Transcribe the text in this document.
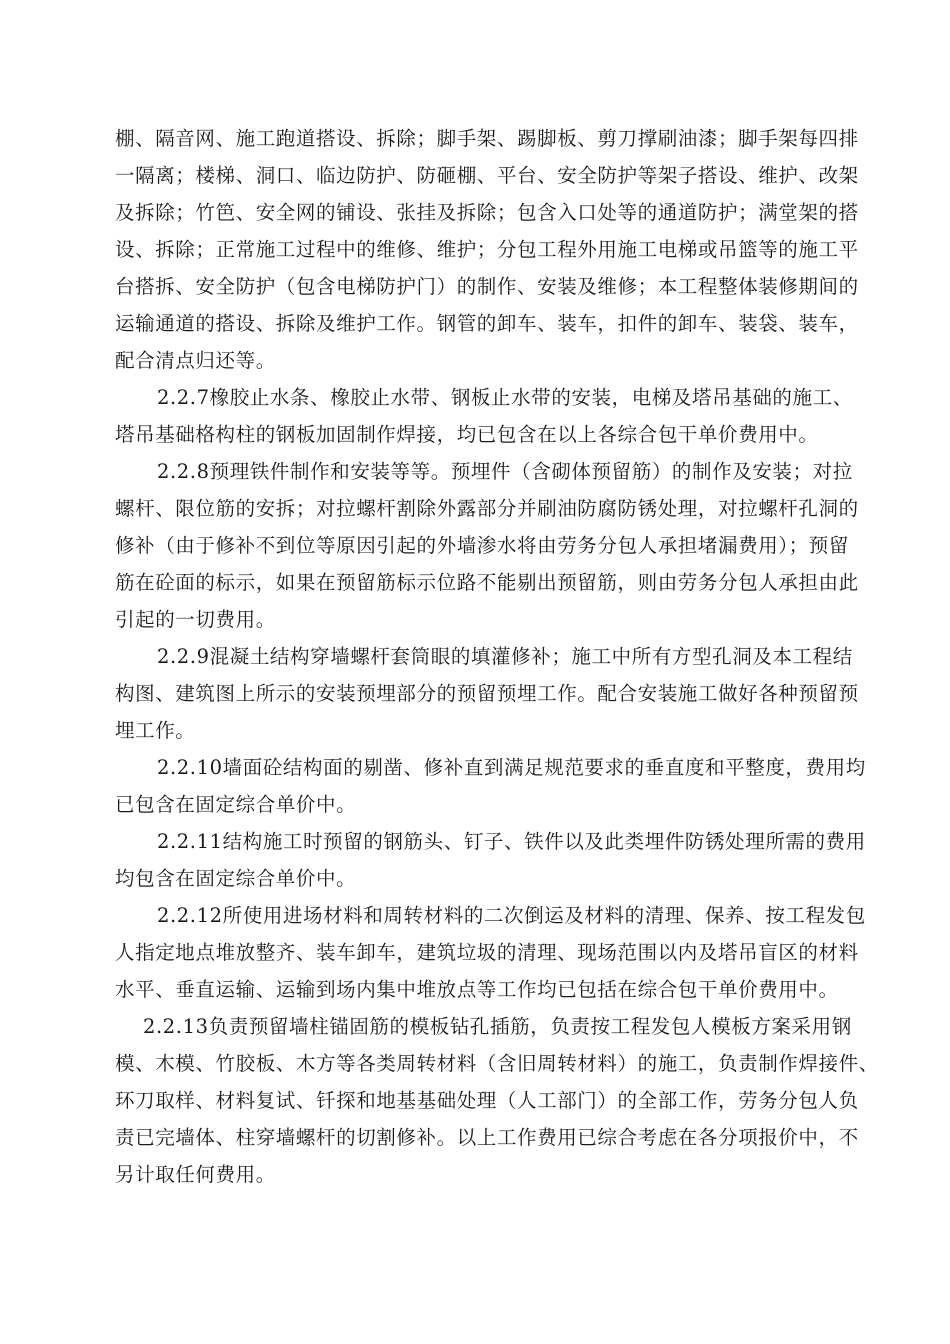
棚、隔音网、施工跑道搭设、拆除；脚手架、踢脚板、剪刀撑刷油漆；脚手架每四排
一隔离；楼梯、洞口、临边防护、防砸棚、平台、安全防护等架子搭设、维护、改架
及拆除；竹笆、安全网的铺设、张挂及拆除；包含入口处等的通道防护；满堂架的搭
设、拆除；正常施工过程中的维修、维护；分包工程外用施工电梯或吊篮等的施工平
台搭拆、安全防护（包含电梯防护门）的制作、安装及维修；本工程整体装修期间的
运输通道的搭设、拆除及维护工作。钢管的卸车、装车，扣件的卸车、装袋、装车，
配合清点归还等。
2.2.7橡胶止水条、橡胶止水带、钢板止水带的安装，电梯及塔吊基础的施工、
塔吊基础格构柱的钢板加固制作焊接，均已包含在以上各综合包干单价费用中。
2.2.8预理铁件制作和安装等等。预埋件（含砌体预留筋）的制作及安装；对拉
螺杆、限位筋的安拆；对拉螺杆割除外露部分并刷油防腐防锈处理，对拉螺杆孔洞的
修补（由于修补不到位等原因引起的外墙渗水将由劳务分包人承担堵漏费用）；预留
筋在砼面的标示，如果在预留筋标示位路不能剔出预留筋，则由劳务分包人承担由此
引起的一切费用。
2.2.9混凝土结构穿墙螺杆套筒眼的填灌修补；施工中所有方型孔洞及本工程结
构图、建筑图上所示的安装预埋部分的预留预埋工作。配合安装施工做好各种预留预
埋工作。
2.2.10墙面砼结构面的剔凿、修补直到满足规范要求的垂直度和平整度，费用均
已包含在固定综合单价中。
2.2.11结构施工时预留的钢筋头、钉子、铁件以及此类埋件防锈处理所需的费用
均包含在固定综合单价中。
2.2.12所使用进场材料和周转材料的二次倒运及材料的清理、保养、按工程发包
人指定地点堆放整齐、装车卸车，建筑垃圾的清理、现场范围以内及塔吊盲区的材料
水平、垂直运输、运输到场内集中堆放点等工作均已包括在综合包干单价费用中。
2.2.13负责预留墙柱锚固筋的模板钻孔插筋，负责按工程发包人模板方案采用钢
模、木模、竹胶板、木方等各类周转材料（含旧周转材料）的施工，负责制作焊接件、
环刀取样、材料复试、钎探和地基基础处理（人工部门）的全部工作，劳务分包人负
责已完墙体、柱穿墙螺杆的切割修补。以上工作费用已综合考虑在各分项报价中，不
另计取任何费用。
